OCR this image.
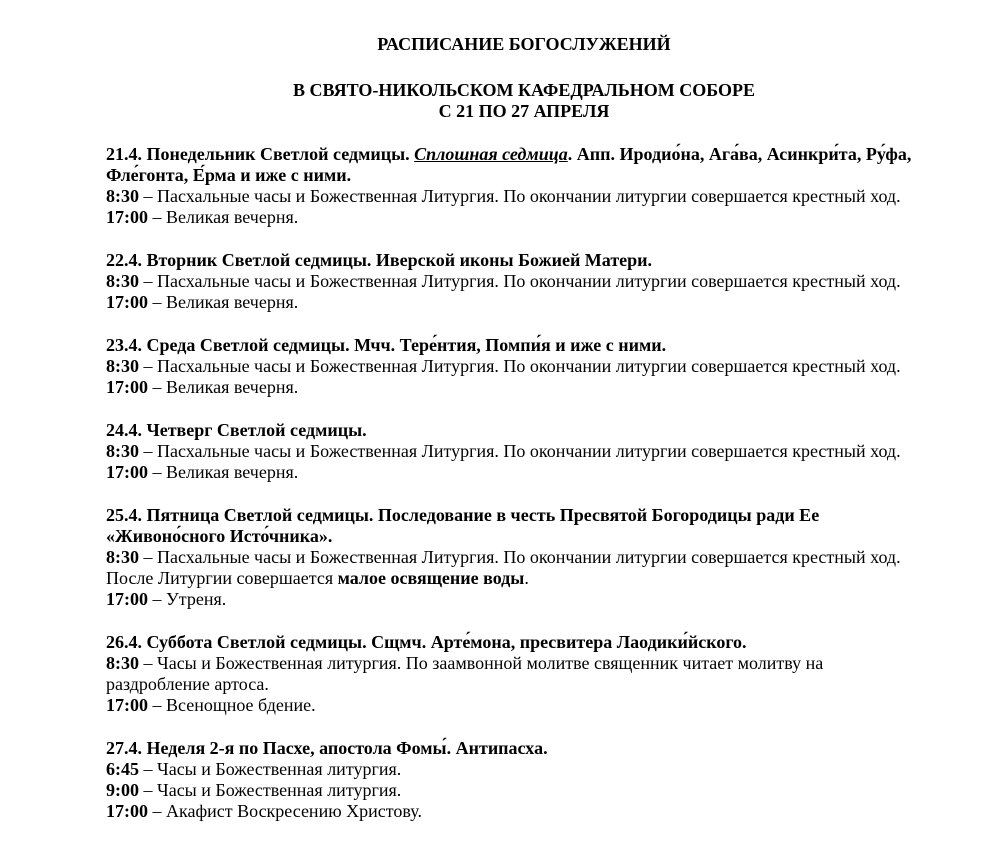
РАСПИСАНИЕ БОГОСЛУЖЕНИЙ
В СВЯТО-НИКОЛЬСКОМ КАФЕДРАЛЬНОМ СОБОРЕ
С 21 ПО 27 АПРЕЛЯ
21.4. Понедельник Светлой седмицы. Сплошная седмица. Апп. Иродио́на, Ага́ва, Асинкри́та, Ру́фа,
Фле́гонта, Е́рма и иже с ними.
8:30 – Пасхальные часы и Божественная Литургия. По окончании литургии совершается крестный ход.
17:00 – Великая вечерня.
22.4. Вторник Светлой седмицы. Иверской иконы Божией Матери.
8:30 – Пасхальные часы и Божественная Литургия. По окончании литургии совершается крестный ход.
17:00 – Великая вечерня.
23.4. Среда Светлой седмицы. Мчч. Тере́нтия, Помпи́я и иже с ними.
8:30 – Пасхальные часы и Божественная Литургия. По окончании литургии совершается крестный ход.
17:00 – Великая вечерня.
24.4. Четверг Светлой седмицы.
8:30 – Пасхальные часы и Божественная Литургия. По окончании литургии совершается крестный ход.
17:00 – Великая вечерня.
25.4. Пятница Светлой седмицы. Последование в честь Пресвятой Богородицы ради Ее
«Живоно́сного Исто́чника».
8:30 – Пасхальные часы и Божественная Литургия. По окончании литургии совершается крестный ход.
После Литургии совершается малое освящение воды.
17:00 – Утреня.
26.4. Суббота Светлой седмицы. Сщмч. Арте́мона, пресвитера Лаодики́йского.
8:30 – Часы и Божественная литургия. По заамвонной молитве священник читает молитву на
раздробление артоса.
17:00 – Всенощное бдение.
27.4. Неделя 2-я по Пасхе, апостола Фомы́. Антипасха.
6:45 – Часы и Божественная литургия.
9:00 – Часы и Божественная литургия.
17:00 – Акафист Воскресению Христову.
